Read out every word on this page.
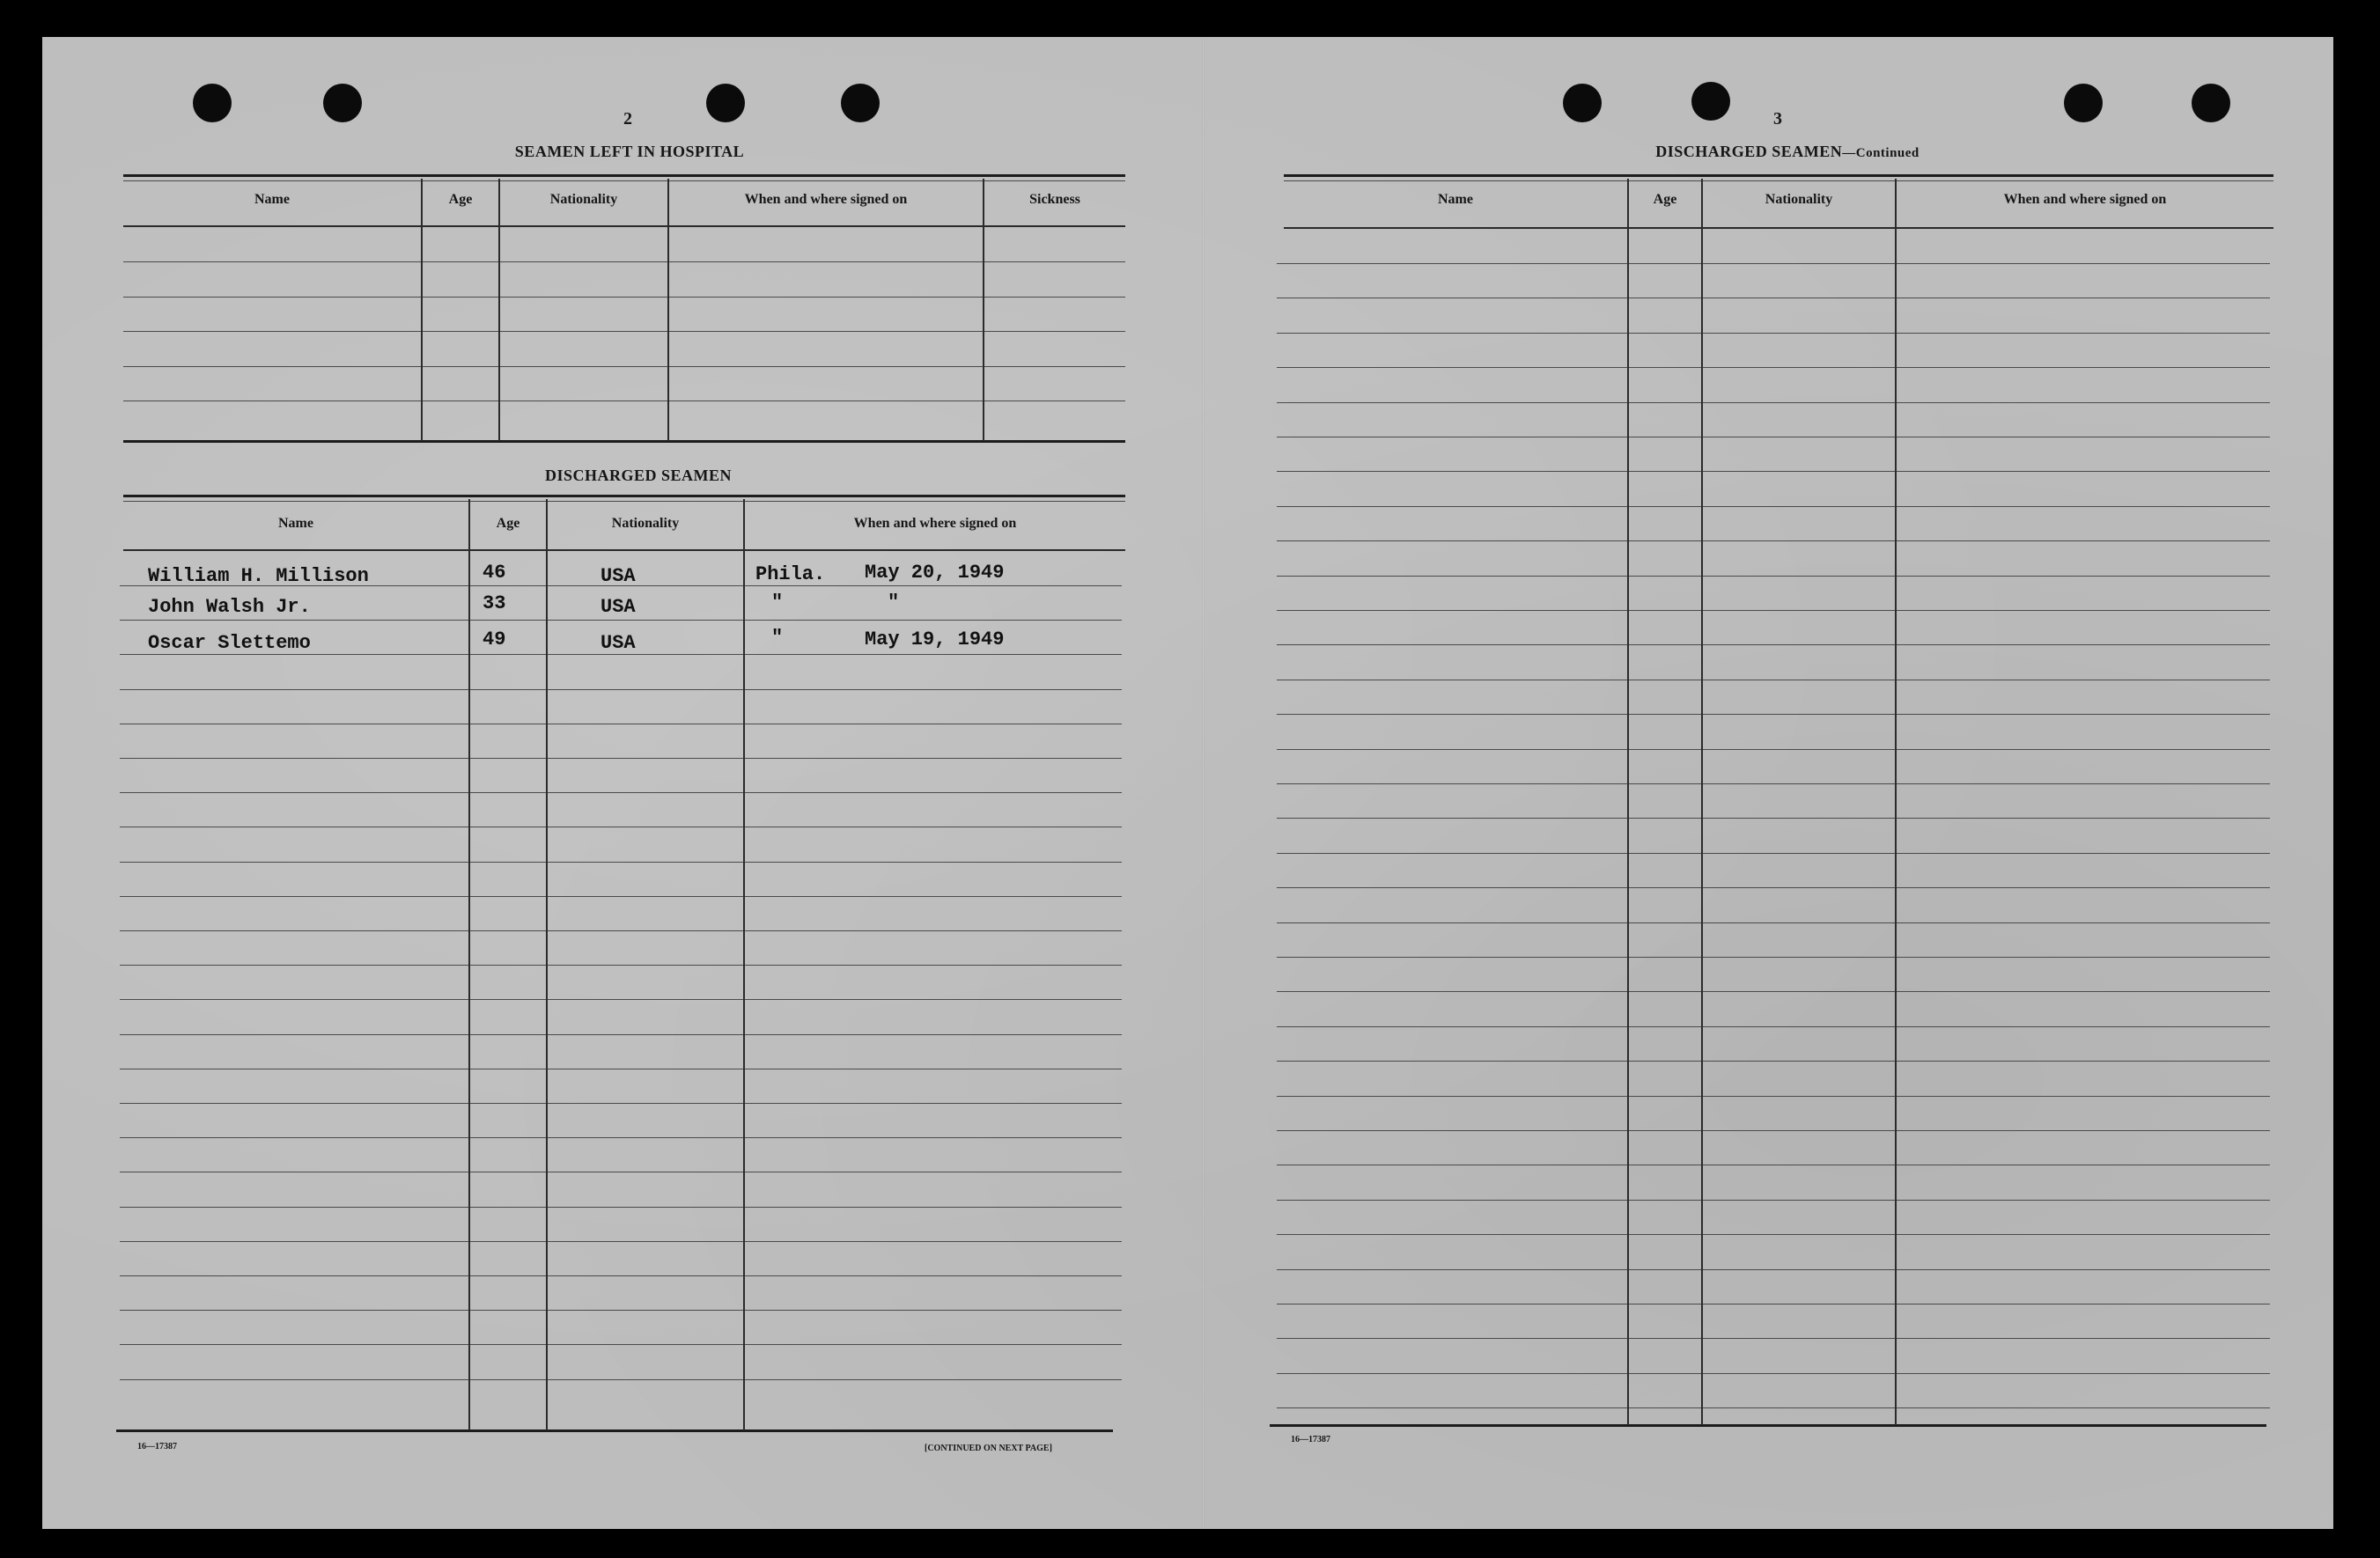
2
SEAMEN LEFT IN HOSPITAL
Name	Age	Nationality	When and where signed on	Sickness
DISCHARGED SEAMEN
Name	Age	Nationality	When and where signed on
William H. Millison	46	USA	Phila. May 20, 1949
John Walsh Jr.	33	USA	"	"
Oscar Slettemo	49	USA	"	May 19, 1949
16—17387	[CONTINUED ON NEXT PAGE]
3
DISCHARGED SEAMEN—Continued
Name	Age	Nationality	When and where signed on
16—17387
